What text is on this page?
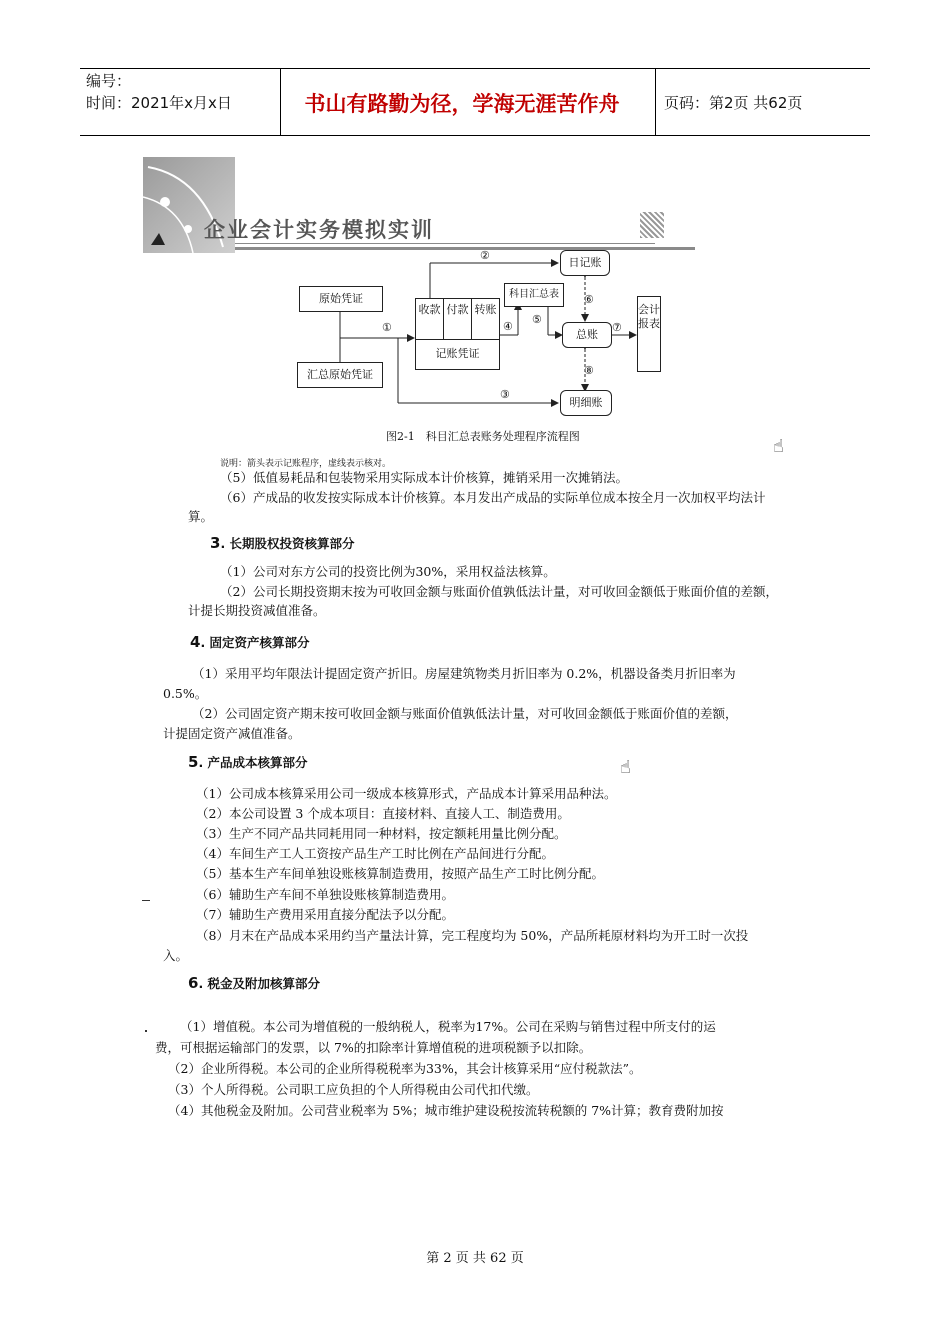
编号：
时间：2021年x月x日	书山有路勤为径，学海无涯苦作舟	页码：第2页 共62页
企业会计实务模拟实训
原始凭证
汇总原始凭证
收款 付款 转账
记账凭证
科目汇总表
日记账
总账
明细账
会计报表
①
②
③
④
⑤
⑥
⑦
⑧
图2-1　科目汇总表账务处理程序流程图
说明：箭头表示记账程序，虚线表示核对。
☝
☝
（5）低值易耗品和包装物采用实际成本计价核算，摊销采用一次摊销法。
（6）产成品的收发按实际成本计价核算。本月发出产成品的实际单位成本按全月一次加权平均法计
算。
3. 长期股权投资核算部分
（1）公司对东方公司的投资比例为30%，采用权益法核算。
（2）公司长期投资期末按为可收回金额与账面价值孰低法计量，对可收回金额低于账面价值的差额，
计提长期投资减值准备。
4. 固定资产核算部分
（1）采用平均年限法计提固定资产折旧。房屋建筑物类月折旧率为 0.2%，机器设备类月折旧率为
0.5%。
（2）公司固定资产期末按可收回金额与账面价值孰低法计量，对可收回金额低于账面价值的差额，
计提固定资产减值准备。
5. 产品成本核算部分
（1）公司成本核算采用公司一级成本核算形式，产品成本计算采用品种法。
（2）本公司设置 3 个成本项目：直接材料、直接人工、制造费用。
（3）生产不同产品共同耗用同一种材料，按定额耗用量比例分配。
（4）车间生产工人工资按产品生产工时比例在产品间进行分配。
（5）基本生产车间单独设账核算制造费用，按照产品生产工时比例分配。
（6）辅助生产车间不单独设账核算制造费用。
（7）辅助生产费用采用直接分配法予以分配。
（8）月末在产品成本采用约当产量法计算，完工程度均为 50%，产品所耗原材料均为开工时一次投
入。
6. 税金及附加核算部分
（1）增值税。本公司为增值税的一般纳税人，税率为17%。公司在采购与销售过程中所支付的运
费，可根据运输部门的发票，以 7%的扣除率计算增值税的进项税额予以扣除。
（2）企业所得税。本公司的企业所得税税率为33%，其会计核算采用“应付税款法”。
（3）个人所得税。公司职工应负担的个人所得税由公司代扣代缴。
（4）其他税金及附加。公司营业税率为 5%；城市维护建设税按流转税额的 7%计算；教育费附加按
第 2 页 共 62 页
